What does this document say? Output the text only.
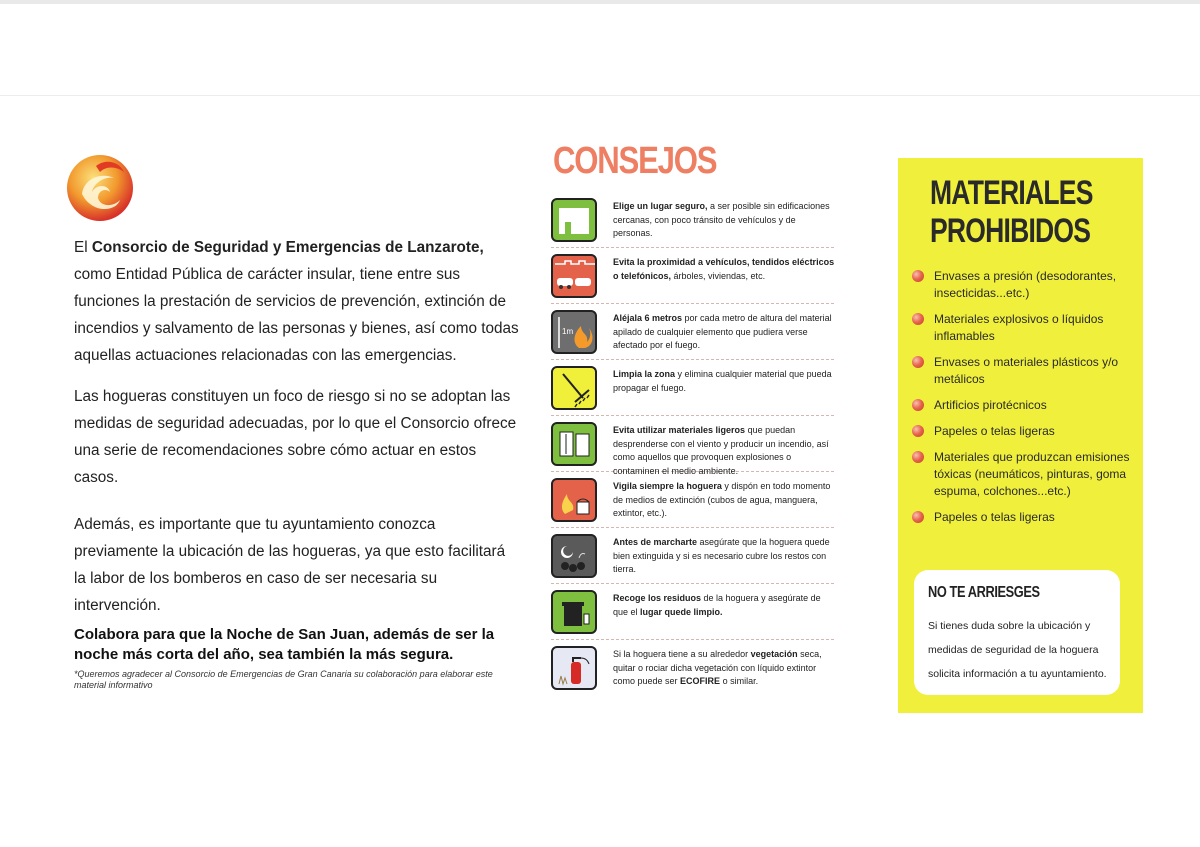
El Consorcio de Seguridad y Emergencias de Lanzarote, como Entidad Pública de carácter insular, tiene entre sus funciones la prestación de servicios de prevención, extinción de incendios y salvamento de las personas y bienes, así como todas aquellas actuaciones relacionadas con las emergencias.

Las hogueras constituyen un foco de riesgo si no se adoptan las medidas de seguridad adecuadas, por lo que el Consorcio ofrece una serie de recomendaciones sobre cómo actuar en estos casos.

Además, es importante que tu ayuntamiento conozca previamente la ubicación de las hogueras, ya que esto facilitará la labor de los bomberos en caso de ser necesaria su intervención.

Colabora para que la Noche de San Juan, además de ser la noche más corta del año, sea también la más segura.
*Queremos agradecer al Consorcio de Emergencias de Gran Canaria su colaboración para elaborar este material informativo
CONSEJOS
Elige un lugar seguro, a ser posible sin edificaciones cercanas, con poco tránsito de vehículos y de personas.
Evita la proximidad a vehículos, tendidos eléctricos o telefónicos, árboles, viviendas, etc.
1m
Aléjala 6 metros por cada metro de altura del material apilado de cualquier elemento que pudiera verse afectado por el fuego.
Limpia la zona y elimina cualquier material que pueda propagar el fuego.
Evita utilizar materiales ligeros que puedan desprenderse con el viento y producir un incendio, así como aquellos que provoquen explosiones o contaminen el medio ambiente.
Vigila siempre la hoguera y dispón en todo momento de medios de extinción (cubos de agua, manguera, extintor, etc.).
Antes de marcharte asegúrate que la hoguera quede bien extinguida y si es necesario cubre los restos con tierra.
Recoge los residuos de la hoguera y asegúrate de que el lugar quede limpio.
Si la hoguera tiene a su alrededor vegetación seca, quitar o rociar dicha vegetación con líquido extintor como puede ser ECOFIRE o similar.
MATERIALES PROHIBIDOS
Envases a presión (desodorantes, insecticidas...etc.)
Materiales explosivos o líquidos inflamables
Envases o materiales plásticos y/o metálicos
Artificios pirotécnicos
Papeles o telas ligeras
Materiales que produzcan emisiones tóxicas (neumáticos, pinturas, goma espuma, colchones...etc.)
Papeles o telas ligeras
NO TE ARRIESGES
Si tienes duda sobre la ubicación y medidas de seguridad de la hoguera solicita información a tu ayuntamiento.
